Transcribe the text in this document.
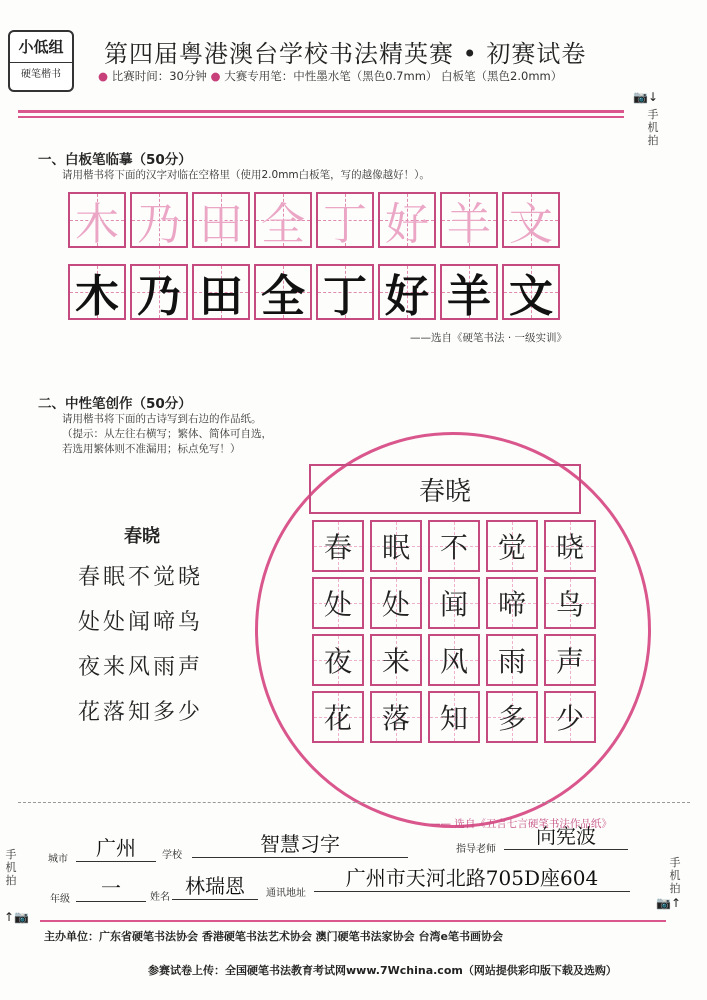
小低组
硬笔楷书
第四届粤港澳台学校书法精英赛 • 初赛试卷
● 比赛时间：30分钟 ● 大赛专用笔：中性墨水笔（黑色0.7mm） 白板笔（黑色2.0mm）
📷↓
手机拍
一、白板笔临摹（50分）
请用楷书将下面的汉字对临在空格里（使用2.0mm白板笔，写的越像越好！）。
木 乃 田 全 丁 好 羊 文
木 乃 田 全 丁 好 羊 文
——选自《硬笔书法 · 一级实训》
二、中性笔创作（50分）
请用楷书将下面的古诗写到右边的作品纸。
（提示：从左往右横写；繁体、简体可自选，
若选用繁体则不准漏用；标点免写！）
春晓
春眠不觉晓
处处闻啼鸟
夜来风雨声
花落知多少
春晓
春 眠 不 觉 晓
处 处 闻 啼 鸟
夜 来 风 雨 声
花 落 知 多 少
—— 选自《五言七言硬笔书法作品纸》
城市	广州	学校	智慧习字	指导老师
向宪波
年级	一	姓名 林瑞恩	通讯地址
广州市天河北路705D座604
手机拍
↑📷
手机拍
📷↑
主办单位：广东省硬笔书法协会 香港硬笔书法艺术协会 澳门硬笔书法家协会 台湾e笔书画协会
参赛试卷上传：全国硬笔书法教育考试网www.7Wchina.com（网站提供彩印版下载及选购）
